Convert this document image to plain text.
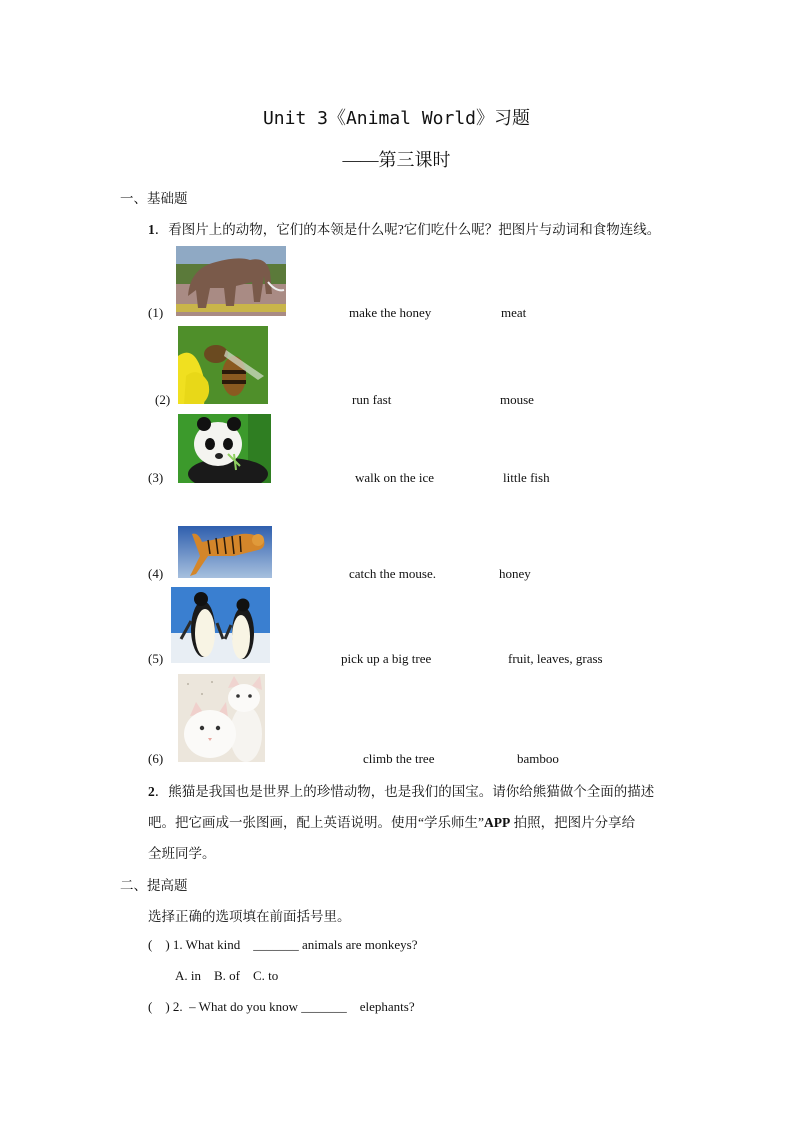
Unit 3《Animal World》习题
——第三课时
一、基础题
1．看图片上的动物，它们的本领是什么呢?它们吃什么呢？把图片与动词和食物连线。
(1)	make the honey	meat
(2)	run fast	mouse
(3)	walk on the ice	little fish
(4)	catch the mouse.	honey
(5)	pick up a big tree	fruit, leaves, grass
(6)	climb the tree	bamboo
2．熊猫是我国也是世界上的珍惜动物，也是我们的国宝。请你给熊猫做个全面的描述
吧。把它画成一张图画，配上英语说明。使用“学乐师生”APP 拍照，把图片分享给
全班同学。
二、提高题
选择正确的选项填在前面括号里。
(    ) 1. What kind    _______ animals are monkeys?
A. in    B. of    C. to
(    ) 2.  – What do you know _______    elephants?
